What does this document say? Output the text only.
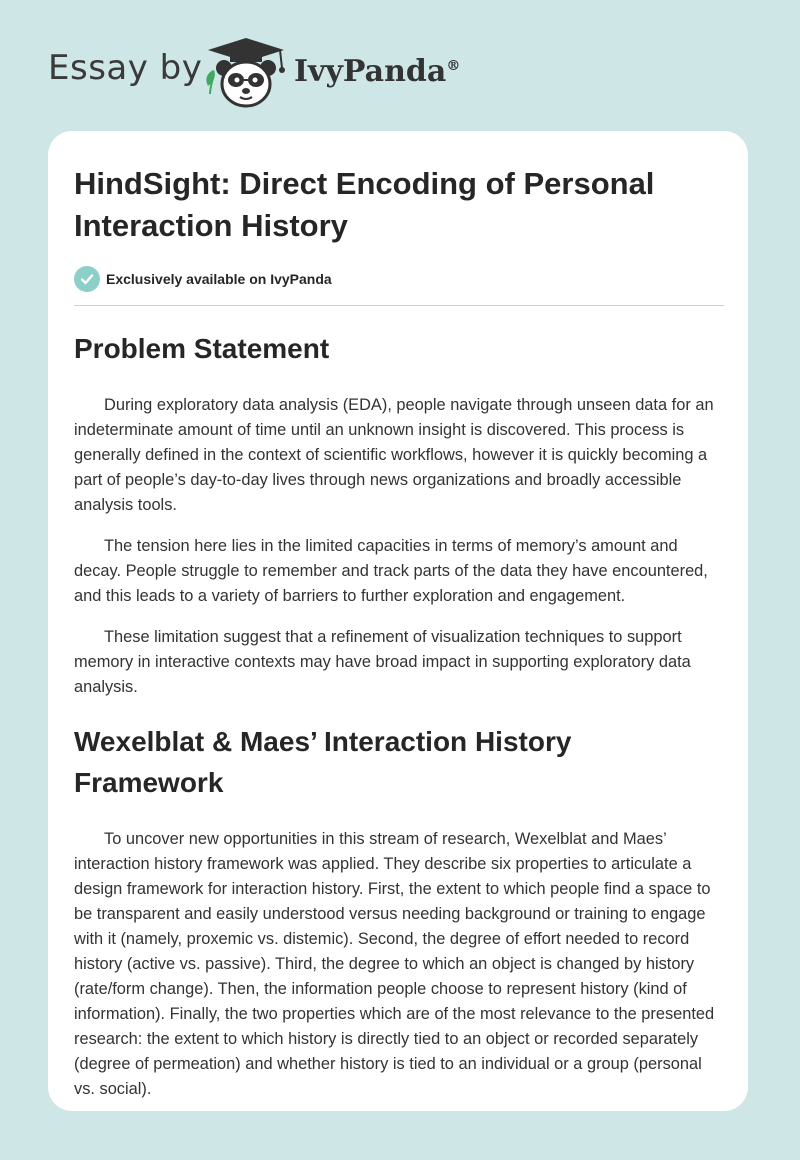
Essay by	IvyPanda®
HindSight: Direct Encoding of Personal Interaction History
Exclusively available on IvyPanda
Problem Statement

During exploratory data analysis (EDA), people navigate through unseen data for an indeterminate amount of time until an unknown insight is discovered. This process is generally defined in the context of scientific workflows, however it is quickly becoming a part of people’s day-to-day lives through news organizations and broadly accessible analysis tools.

The tension here lies in the limited capacities in terms of memory’s amount and decay. People struggle to remember and track parts of the data they have encountered, and this leads to a variety of barriers to further exploration and engagement.

These limitation suggest that a refinement of visualization techniques to support memory in interactive contexts may have broad impact in supporting exploratory data analysis.

Wexelblat & Maes’ Interaction History Framework

To uncover new opportunities in this stream of research, Wexelblat and Maes’ interaction history framework was applied. They describe six properties to articulate a design framework for interaction history. First, the extent to which people find a space to be transparent and easily understood versus needing background or training to engage with it (namely, proxemic vs. distemic). Second, the degree of effort needed to record history (active vs. passive). Third, the degree to which an object is changed by history (rate/form change). Then, the information people choose to represent history (kind of information). Finally, the two properties which are of the most relevance to the presented research: the extent to which history is directly tied to an object or recorded separately (degree of permeation) and whether history is tied to an individual or a group (personal vs. social).
